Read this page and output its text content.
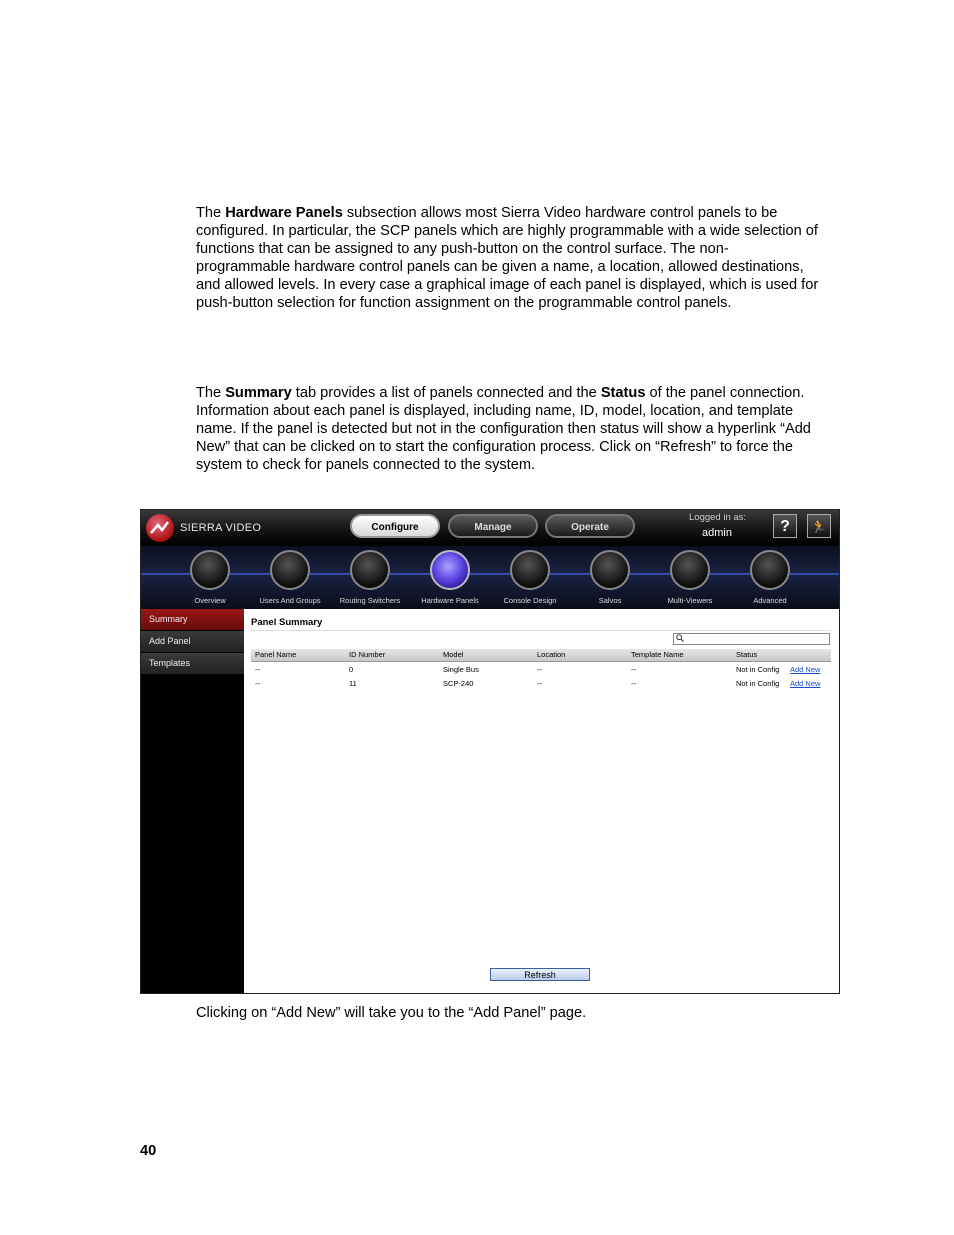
The Hardware Panels subsection allows most Sierra Video hardware control panels to be configured. In particular, the SCP panels which are highly programmable with a wide selection of functions that can be assigned to any push-button on the control surface. The non-programmable hardware control panels can be given a name, a location, allowed destinations, and allowed levels. In every case a graphical image of each panel is displayed, which is used for push-button selection for function assignment on the programmable control panels.
The Summary tab provides a list of panels connected and the Status of the panel connection. Information about each panel is displayed, including name, ID, model, location, and template name. If the panel is detected but not in the configuration then status will show a hyperlink “Add New” that can be clicked on to start the configuration process. Click on “Refresh” to force the system to check for panels connected to the system.
SIERRA VIDEO	Configure	Manage	Operate
Logged in as:
admin	?	🏃
Overview	Users And Groups	Routing Switchers	Hardware Panels	Console Design	Salvos	Multi-Viewers	Advanced
Summary
Add Panel
Templates
Panel Summary
Panel Name	ID Number	Model	Location	Template Name	Status
--	0	Single Bus	--	--	Not in Config Add New
--	11	SCP-240	--	--	Not in Config Add New
Refresh
Clicking on “Add New” will take you to the “Add Panel” page.
40
